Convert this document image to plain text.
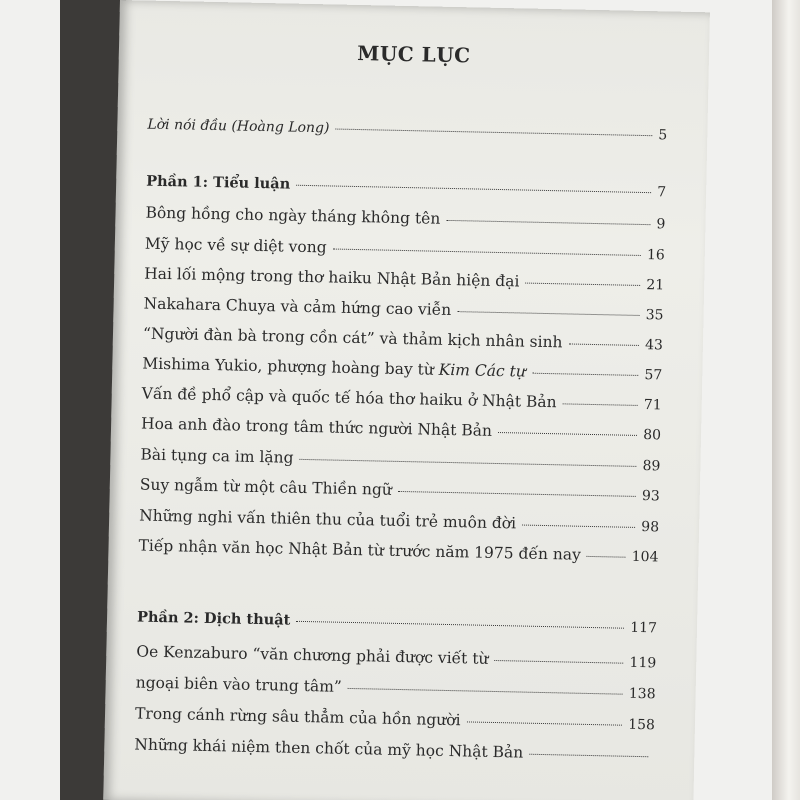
MỤC LỤC
Lời nói đầu (Hoàng Long)	5
Phần 1: Tiểu luận	7
Bông hồng cho ngày tháng không tên	9
Mỹ học về sự diệt vong	16
Hai lối mộng trong thơ haiku Nhật Bản hiện đại	21
Nakahara Chuya và cảm hứng cao viễn	35
“Người đàn bà trong cồn cát” và thảm kịch nhân sinh	43
Mishima Yukio, phượng hoàng bay từ Kim Các tự	57
Vấn đề phổ cập và quốc tế hóa thơ haiku ở Nhật Bản	71
Hoa anh đào trong tâm thức người Nhật Bản	80
Bài tụng ca im lặng	89
Suy ngẫm từ một câu Thiền ngữ	93
Những nghi vấn thiên thu của tuổi trẻ muôn đời	98
Tiếp nhận văn học Nhật Bản từ trước năm 1975 đến nay	104
Phần 2: Dịch thuật	117
Oe Kenzaburo “văn chương phải được viết từ	119
ngoại biên vào trung tâm”	138
Trong cánh rừng sâu thẳm của hồn người	158
Những khái niệm then chốt của mỹ học Nhật Bản
